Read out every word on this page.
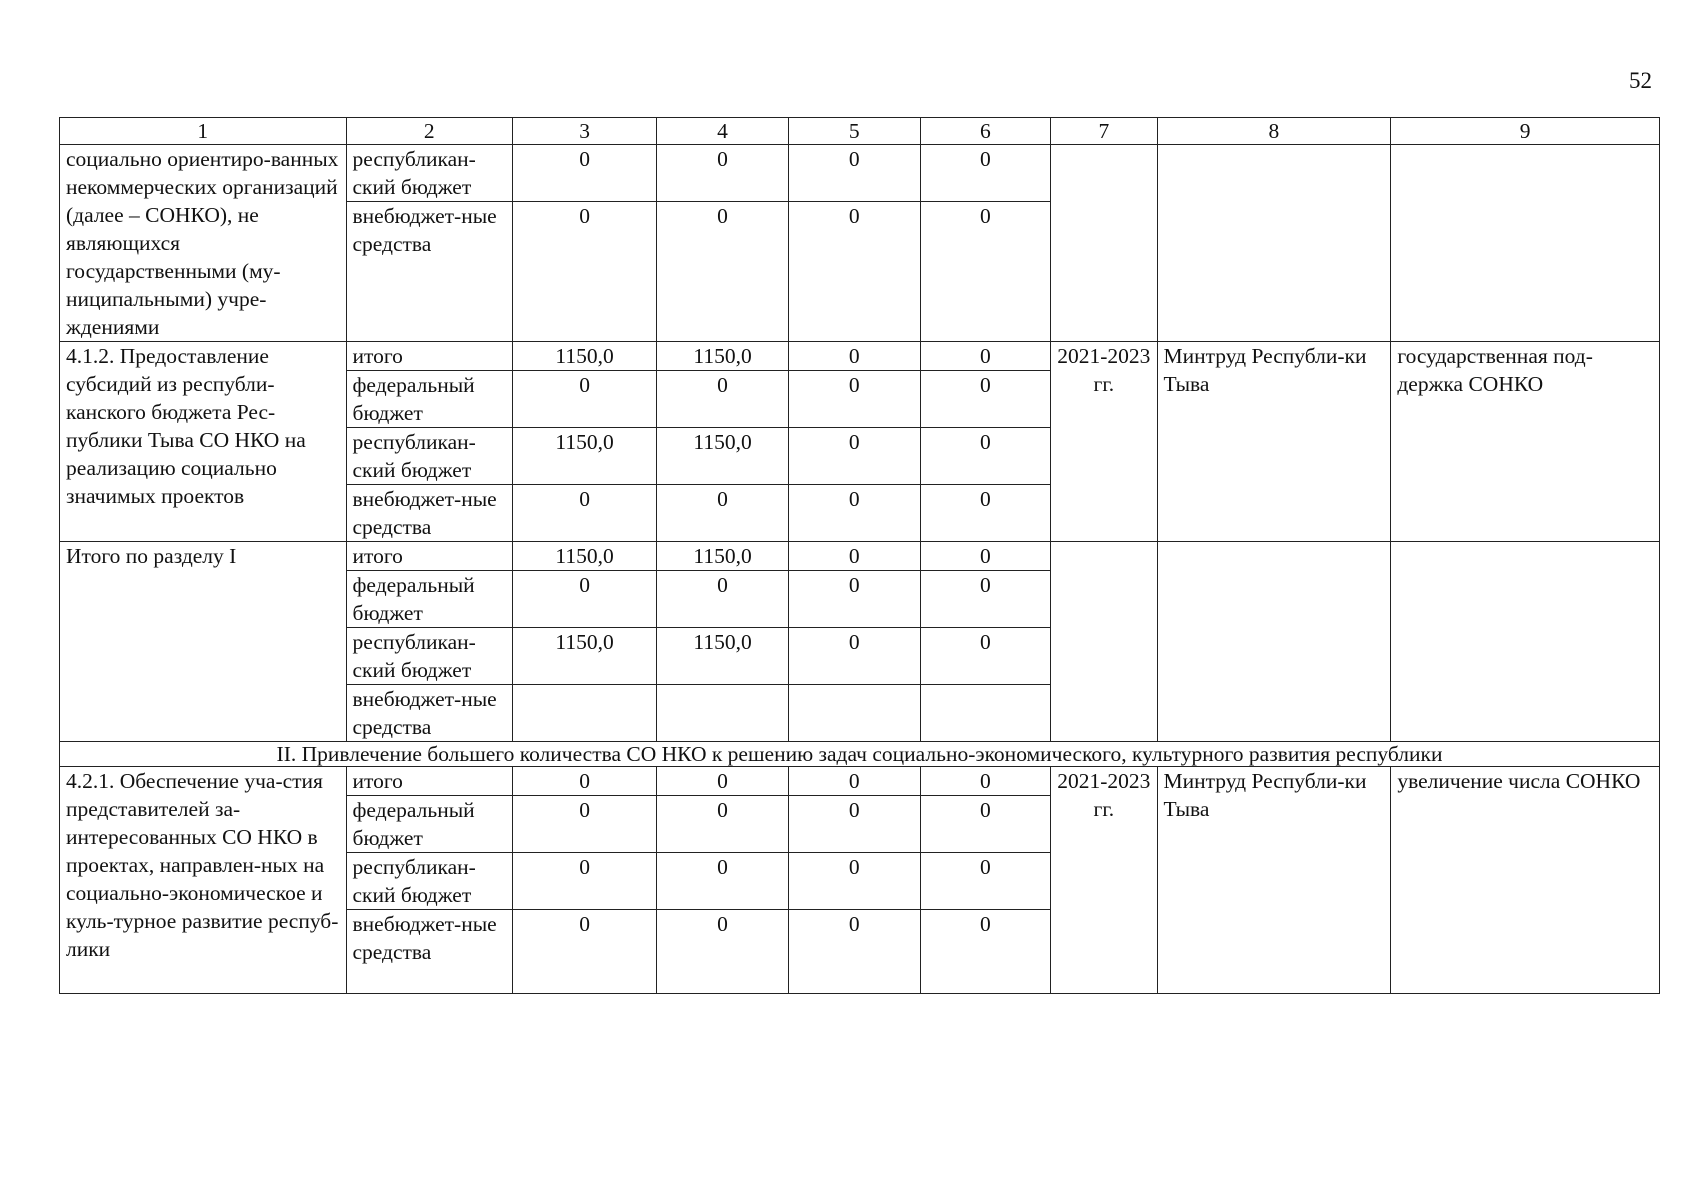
52
1	2	3	4	5	6	7	8	9
социально ориентиро-ванных некоммерческих организаций (далее – СОНКО), не являющихся государственными (му-ниципальными) учре-ждениями	республикан-ский бюджет	0	0	0	0			
	внебюджет-ные средства	0	0	0	0			
4.1.2. Предоставление субсидий из республи-канского бюджета Рес-публики Тыва СО НКО на реализацию социально значимых проектов	итого	1150,0	1150,0	0	0	2021-2023 гг.	Минтруд Республи-ки Тыва	государственная под-держка СОНКО
	федеральный бюджет	0	0	0	0			
	республикан-ский бюджет	1150,0	1150,0	0	0			
	внебюджет-ные средства	0	0	0	0			
Итого по разделу I	итого	1150,0	1150,0	0	0			
	федеральный бюджет	0	0	0	0			
	республикан-ский бюджет	1150,0	1150,0	0	0			
	внебюджет-ные средства							
II. Привлечение большего количества СО НКО к решению задач социально-экономического, культурного развития республики								
4.2.1. Обеспечение уча-стия представителей за-интересованных СО НКО в проектах, направлен-ных на социально-экономическое и куль-турное развитие респуб-лики	итого	0	0	0	0	2021-2023 гг.	Минтруд Республи-ки Тыва	увеличение числа СОНКО
	федеральный бюджет	0	0	0	0			
	республикан-ский бюджет	0	0	0	0			
	внебюджет-ные средства	0	0	0	0			
